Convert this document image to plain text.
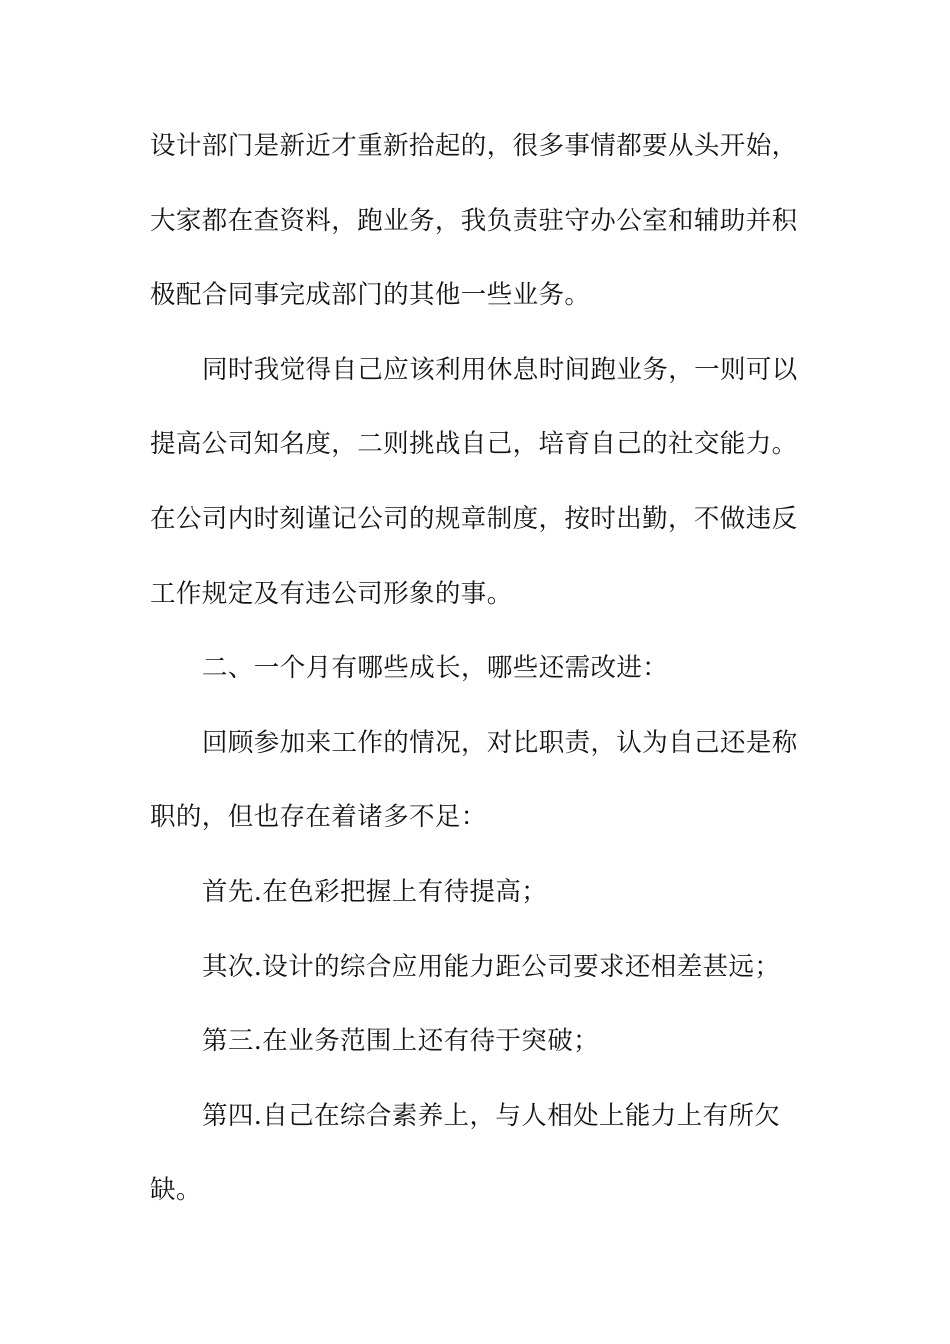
设计部门是新近才重新拾起的，很多事情都要从头开始，
大家都在查资料，跑业务，我负责驻守办公室和辅助并积
极配合同事完成部门的其他一些业务。
同时我觉得自己应该利用休息时间跑业务，一则可以
提高公司知名度，二则挑战自己，培育自己的社交能力。
在公司内时刻谨记公司的规章制度，按时出勤，不做违反
工作规定及有违公司形象的事。
二、一个月有哪些成长，哪些还需改进：
回顾参加来工作的情况，对比职责，认为自己还是称
职的，但也存在着诸多不足：
首先.在色彩把握上有待提高；
其次.设计的综合应用能力距公司要求还相差甚远；
第三.在业务范围上还有待于突破；
第四.自己在综合素养上，与人相处上能力上有所欠
缺。
